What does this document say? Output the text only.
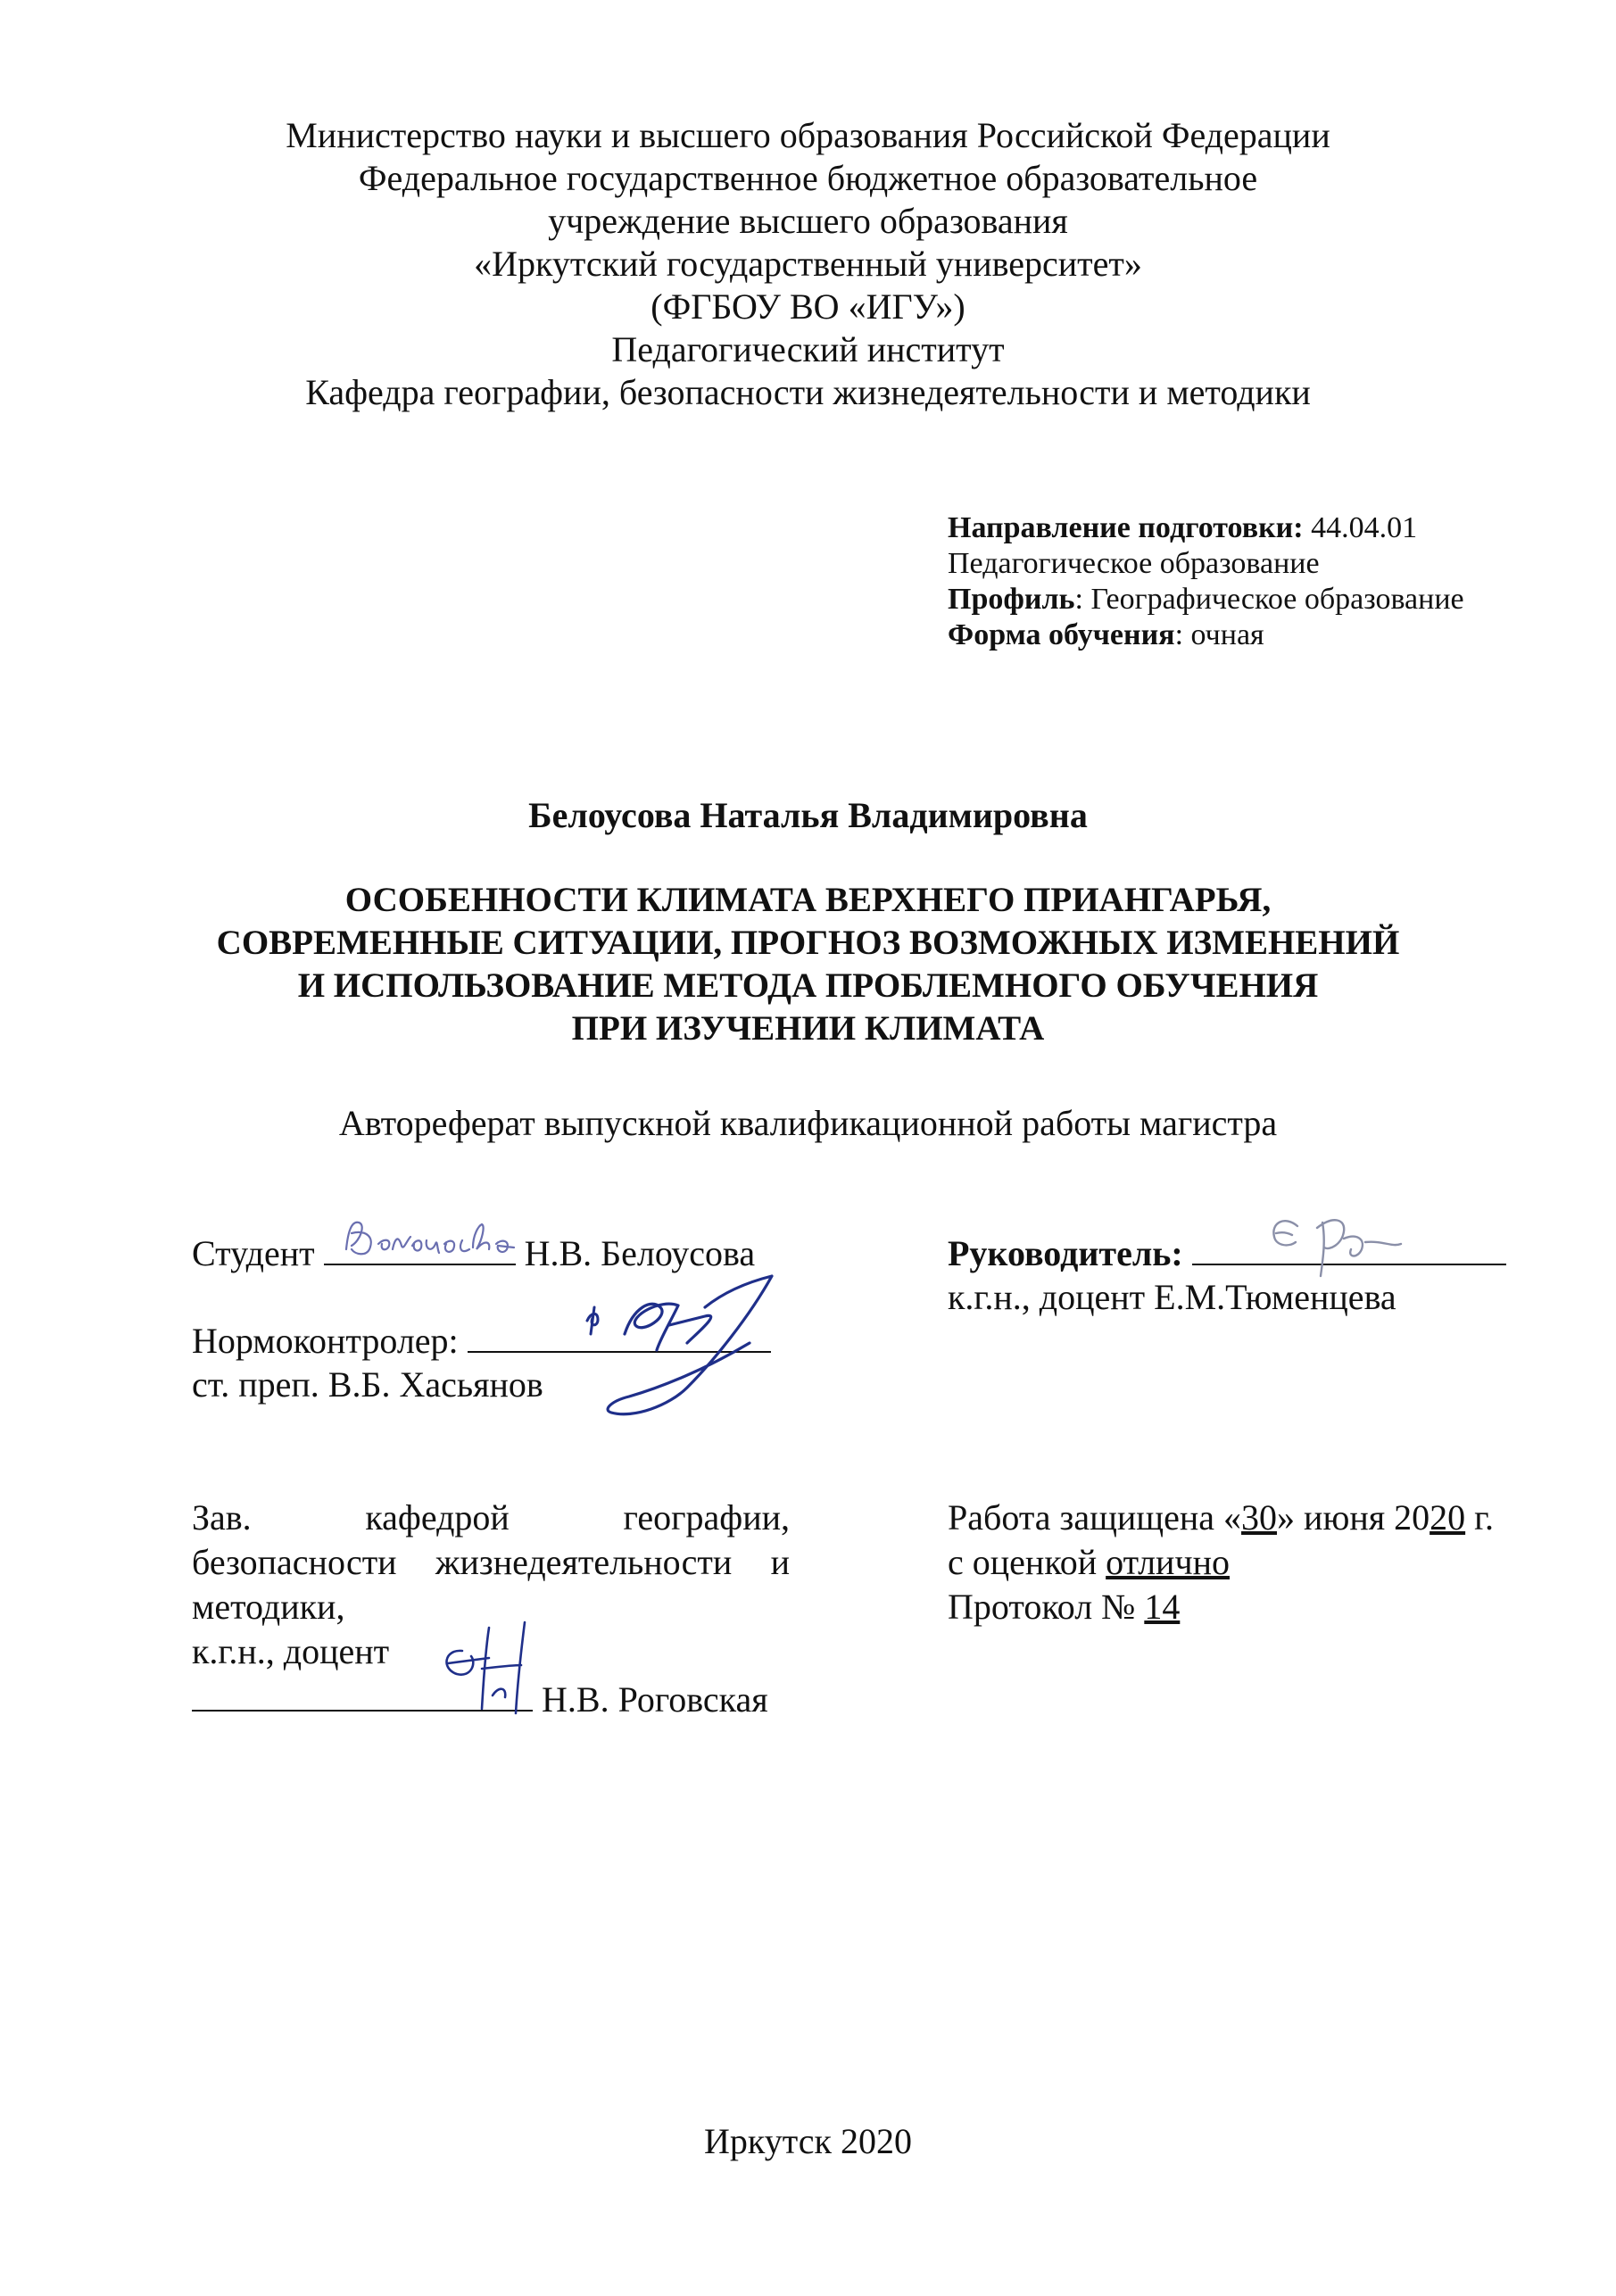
Министерство науки и высшего образования Российской Федерации
Федеральное государственное бюджетное образовательное
учреждение высшего образования
«Иркутский государственный университет»
(ФГБОУ ВО «ИГУ»)
Педагогический институт
Кафедра географии, безопасности жизнедеятельности и методики
Направление подготовки: 44.04.01
Педагогическое образование
Профиль: Географическое образование
Форма обучения: очная
Белоусова Наталья Владимировна
ОСОБЕННОСТИ КЛИМАТА ВЕРХНЕГО ПРИАНГАРЬЯ,
СОВРЕМЕННЫЕ СИТУАЦИИ, ПРОГНОЗ ВОЗМОЖНЫХ ИЗМЕНЕНИЙ
И ИСПОЛЬЗОВАНИЕ МЕТОДА ПРОБЛЕМНОГО ОБУЧЕНИЯ
ПРИ ИЗУЧЕНИИ КЛИМАТА
Автореферат выпускной квалификационной работы магистра
Студент	Н.В. Белоусова
Нормоконтролер:
ст. преп. В.Б. Хасьянов
Руководитель:
к.г.н., доцент Е.М.Тюменцева
Зав. кафедрой географии,
безопасности жизнедеятельности и
методики,
к.г.н., доцент
Н.В. Роговская
Работа защищена «30» июня 2020 г.
с оценкой отлично
Протокол № 14
Иркутск 2020
